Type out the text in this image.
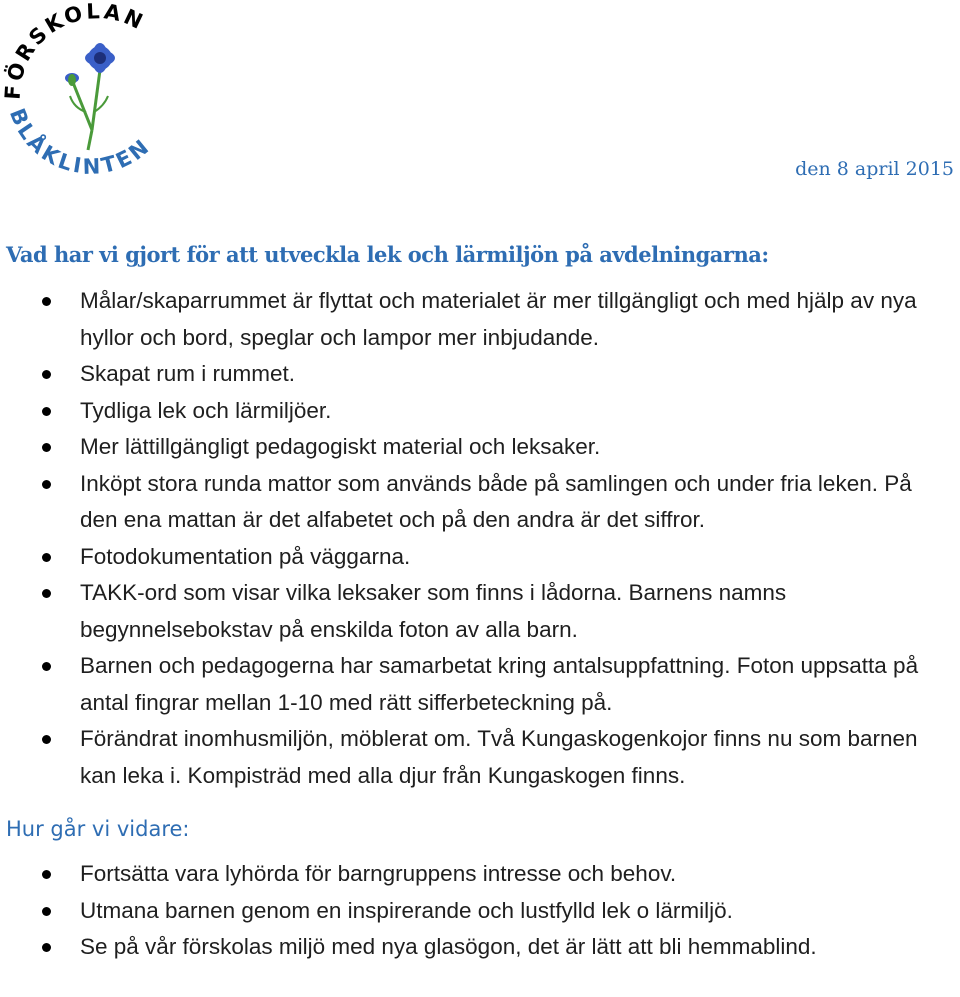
FÖRSKOLAN
BLÅKLINTEN
den 8 april 2015
Vad har vi gjort för att utveckla lek och lärmiljön på avdelningarna:
Målar/skaparrummet är flyttat och materialet är mer tillgängligt och med hjälp av nya hyllor och bord, speglar och lampor mer inbjudande.
Skapat rum i rummet.
Tydliga lek och lärmiljöer.
Mer lättillgängligt pedagogiskt material och leksaker.
Inköpt stora runda mattor som används både på samlingen och under fria leken. På den ena mattan är det alfabetet och på den andra är det siffror.
Fotodokumentation på väggarna.
TAKK-ord som visar vilka leksaker som finns i lådorna. Barnens namns begynnelsebokstav på enskilda foton av alla barn.
Barnen och pedagogerna har samarbetat kring antalsuppfattning. Foton uppsatta på antal fingrar mellan 1-10 med rätt sifferbeteckning på.
Förändrat inomhusmiljön, möblerat om. Två Kungaskogenkojor finns nu som barnen kan leka i. Kompisträd med alla djur från Kungaskogen finns.
Hur går vi vidare:
Fortsätta vara lyhörda för barngruppens intresse och behov.
Utmana barnen genom en inspirerande och lustfylld lek o lärmiljö.
Se på vår förskolas miljö med nya glasögon, det är lätt att bli hemmablind.
